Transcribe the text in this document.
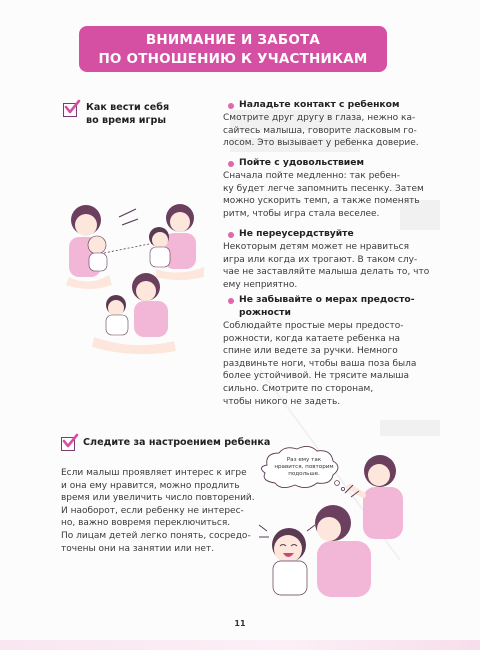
ВНИМАНИЕ И ЗАБОТА
ПО ОТНОШЕНИЮ К УЧАСТНИКАМ
Как вести себя
во время игры
Наладьте контакт с ребенком
Смотрите друг другу в глаза, нежно ка-
сайтесь малыша, говорите ласковым го-
лосом. Это вызывает у ребенка доверие.
Пойте с удовольствием
Сначала пойте медленно: так ребен-
ку будет легче запомнить песенку. Затем
можно ускорить темп, а также поменять
ритм, чтобы игра стала веселее.
Не переусердствуйте
Некоторым детям может не нравиться
игра или когда их трогают. В таком слу-
чае не заставляйте малыша делать то, что
ему неприятно.
Не забывайте о мерах предосто-
рожности
Соблюдайте простые меры предосто-
рожности, когда катаете ребенка на
спине или ведете за ручки. Немного
раздвиньте ноги, чтобы ваша поза была
более устойчивой. Не трясите малыша
сильно. Смотрите по сторонам,
чтобы никого не задеть.
Следите за настроением ребенка
Если малыш проявляет интерес к игре
и она ему нравится, можно продлить
время или увеличить число повторений.
И наоборот, если ребенку не интерес-
но, важно вовремя переключиться.
По лицам детей легко понять, сосредо-
точены они на занятии или нет.
Раз ему так
нравится, повторим
подольше.
11
